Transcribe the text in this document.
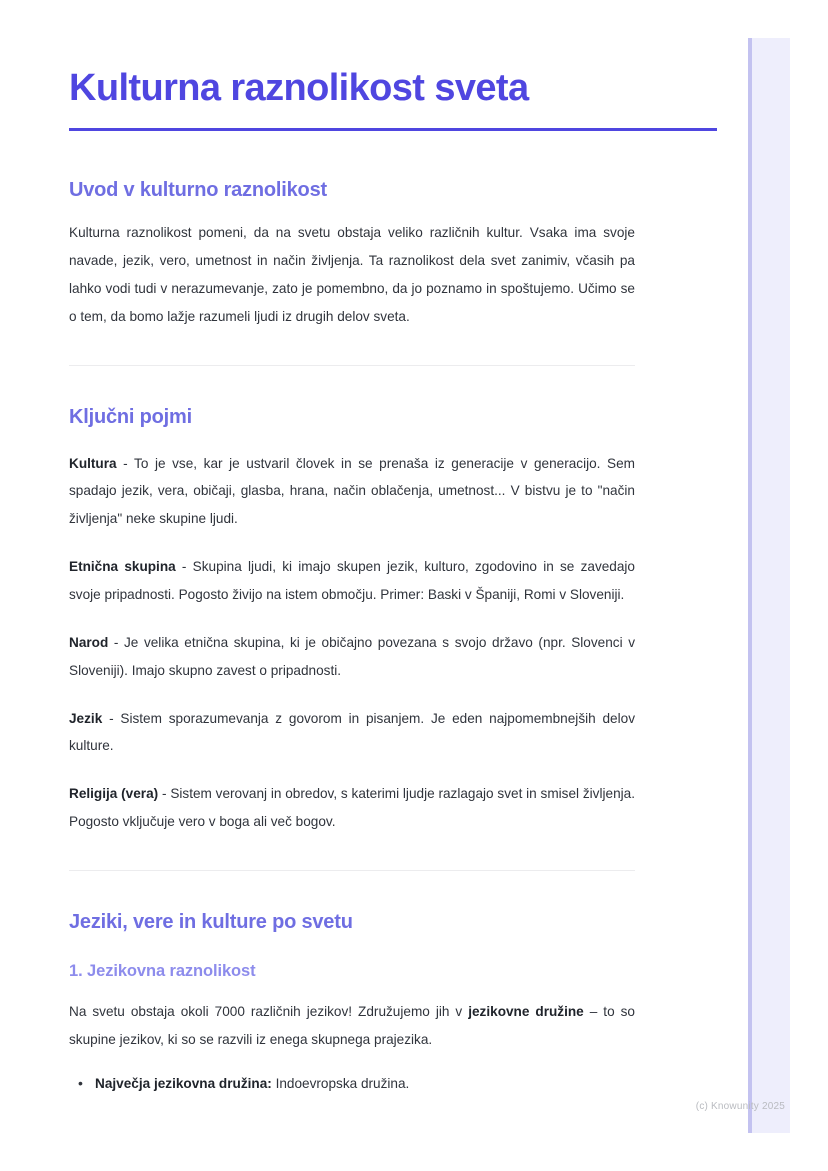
Kulturna raznolikost sveta
Uvod v kulturno raznolikost

Kulturna raznolikost pomeni, da na svetu obstaja veliko različnih kultur. Vsaka ima svoje navade, jezik, vero, umetnost in način življenja. Ta raznolikost dela svet zanimiv, včasih pa lahko vodi tudi v nerazumevanje, zato je pomembno, da jo poznamo in spoštujemo. Učimo se o tem, da bomo lažje razumeli ljudi iz drugih delov sveta.

Ključni pojmi

Kultura - To je vse, kar je ustvaril človek in se prenaša iz generacije v generacijo. Sem spadajo jezik, vera, običaji, glasba, hrana, način oblačenja, umetnost... V bistvu je to "način življenja" neke skupine ljudi.

Etnična skupina - Skupina ljudi, ki imajo skupen jezik, kulturo, zgodovino in se zavedajo svoje pripadnosti. Pogosto živijo na istem območju. Primer: Baski v Španiji, Romi v Sloveniji.

Narod - Je velika etnična skupina, ki je običajno povezana s svojo državo (npr. Slovenci v Sloveniji). Imajo skupno zavest o pripadnosti.

Jezik - Sistem sporazumevanja z govorom in pisanjem. Je eden najpomembnejših delov kulture.

Religija (vera) - Sistem verovanj in obredov, s katerimi ljudje razlagajo svet in smisel življenja. Pogosto vključuje vero v boga ali več bogov.

Jeziki, vere in kulture po svetu
1. Jezikovna raznolikost

Na svetu obstaja okoli 7000 različnih jezikov! Združujemo jih v jezikovne družine – to so skupine jezikov, ki so se razvili iz enega skupnega prajezika.

• Največja jezikovna družina: Indoevropska družina.
(c) Knowunity 2025
